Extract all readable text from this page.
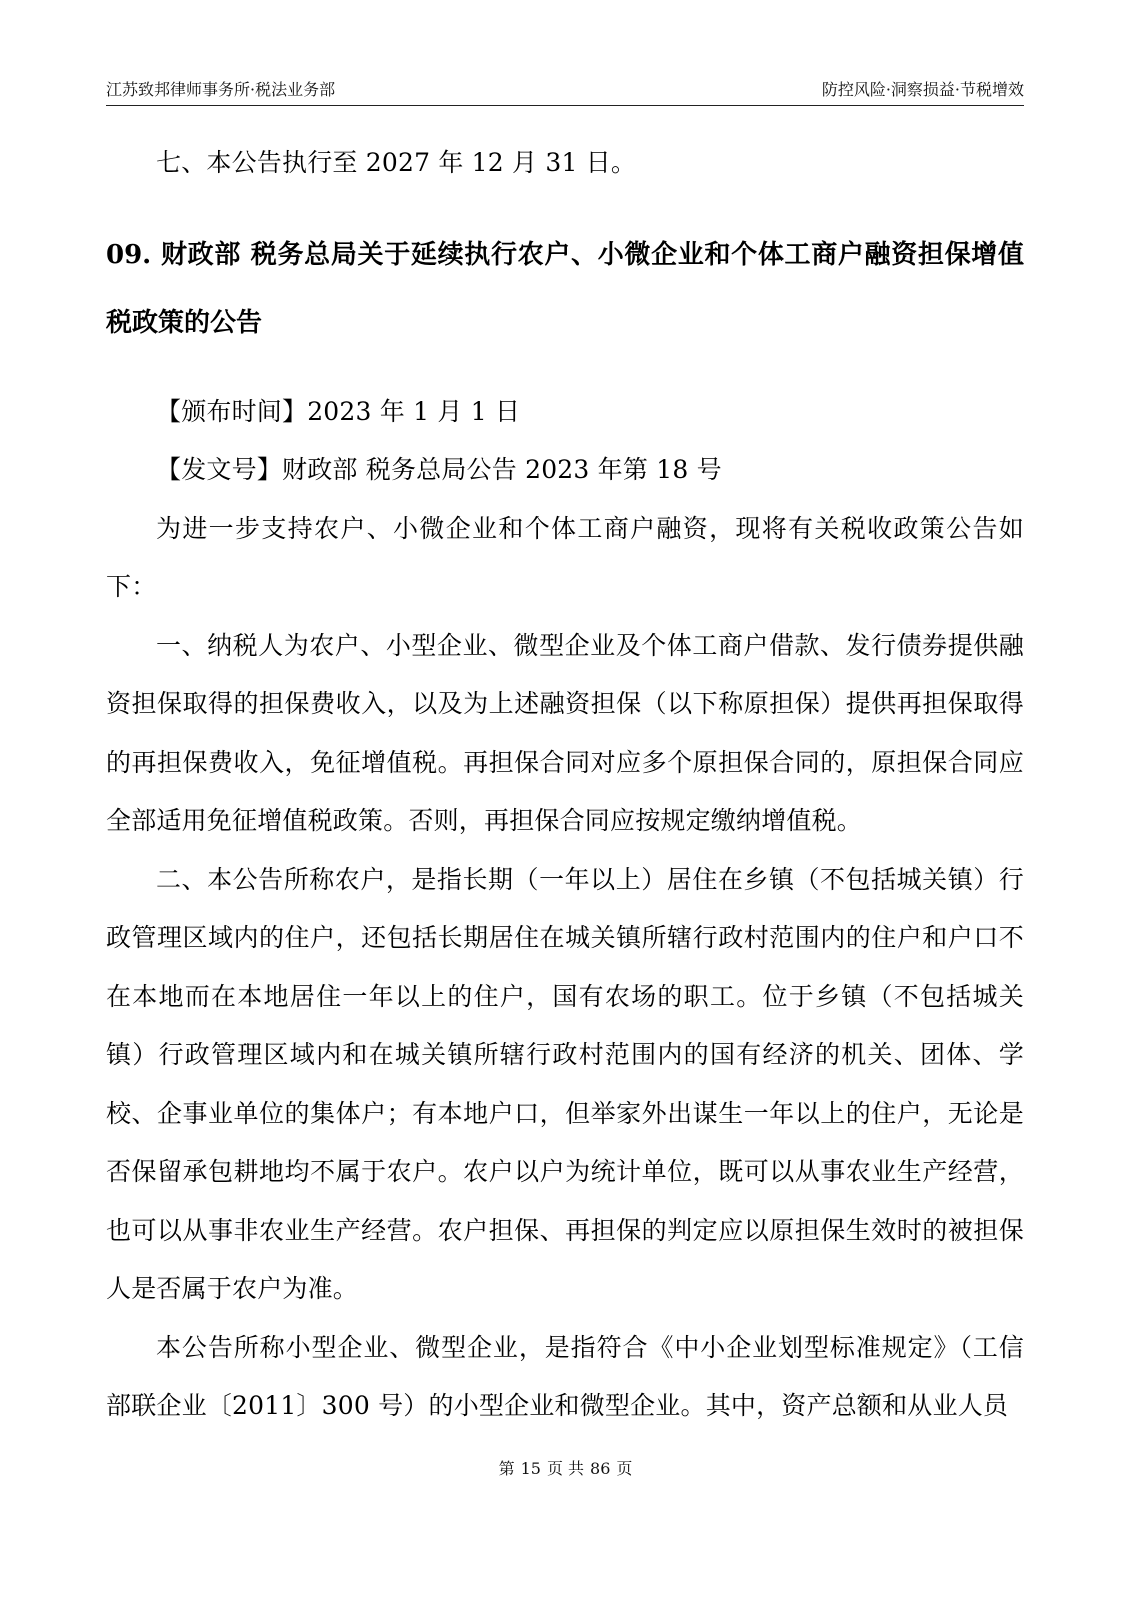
江苏致邦律师事务所·税法业务部	防控风险·洞察损益·节税增效

七、本公告执行至 2027 年 12 月 31 日。

09. 财政部 税务总局关于延续执行农户、小微企业和个体工商户融资担保增值税政策的公告

【颁布时间】2023 年 1 月 1 日

【发文号】财政部 税务总局公告 2023 年第 18 号

为进一步支持农户、小微企业和个体工商户融资，现将有关税收政策公告如下：

一、纳税人为农户、小型企业、微型企业及个体工商户借款、发行债券提供融资担保取得的担保费收入，以及为上述融资担保（以下称原担保）提供再担保取得的再担保费收入，免征增值税。再担保合同对应多个原担保合同的，原担保合同应全部适用免征增值税政策。否则，再担保合同应按规定缴纳增值税。

二、本公告所称农户，是指长期（一年以上）居住在乡镇（不包括城关镇）行政管理区域内的住户，还包括长期居住在城关镇所辖行政村范围内的住户和户口不在本地而在本地居住一年以上的住户，国有农场的职工。位于乡镇（不包括城关镇）行政管理区域内和在城关镇所辖行政村范围内的国有经济的机关、团体、学校、企事业单位的集体户；有本地户口，但举家外出谋生一年以上的住户，无论是否保留承包耕地均不属于农户。农户以户为统计单位，既可以从事农业生产经营，也可以从事非农业生产经营。农户担保、再担保的判定应以原担保生效时的被担保人是否属于农户为准。

本公告所称小型企业、微型企业，是指符合《中小企业划型标准规定》（工信部联企业〔2011〕300 号）的小型企业和微型企业。其中，资产总额和从业人员

第 15 页 共 86 页
